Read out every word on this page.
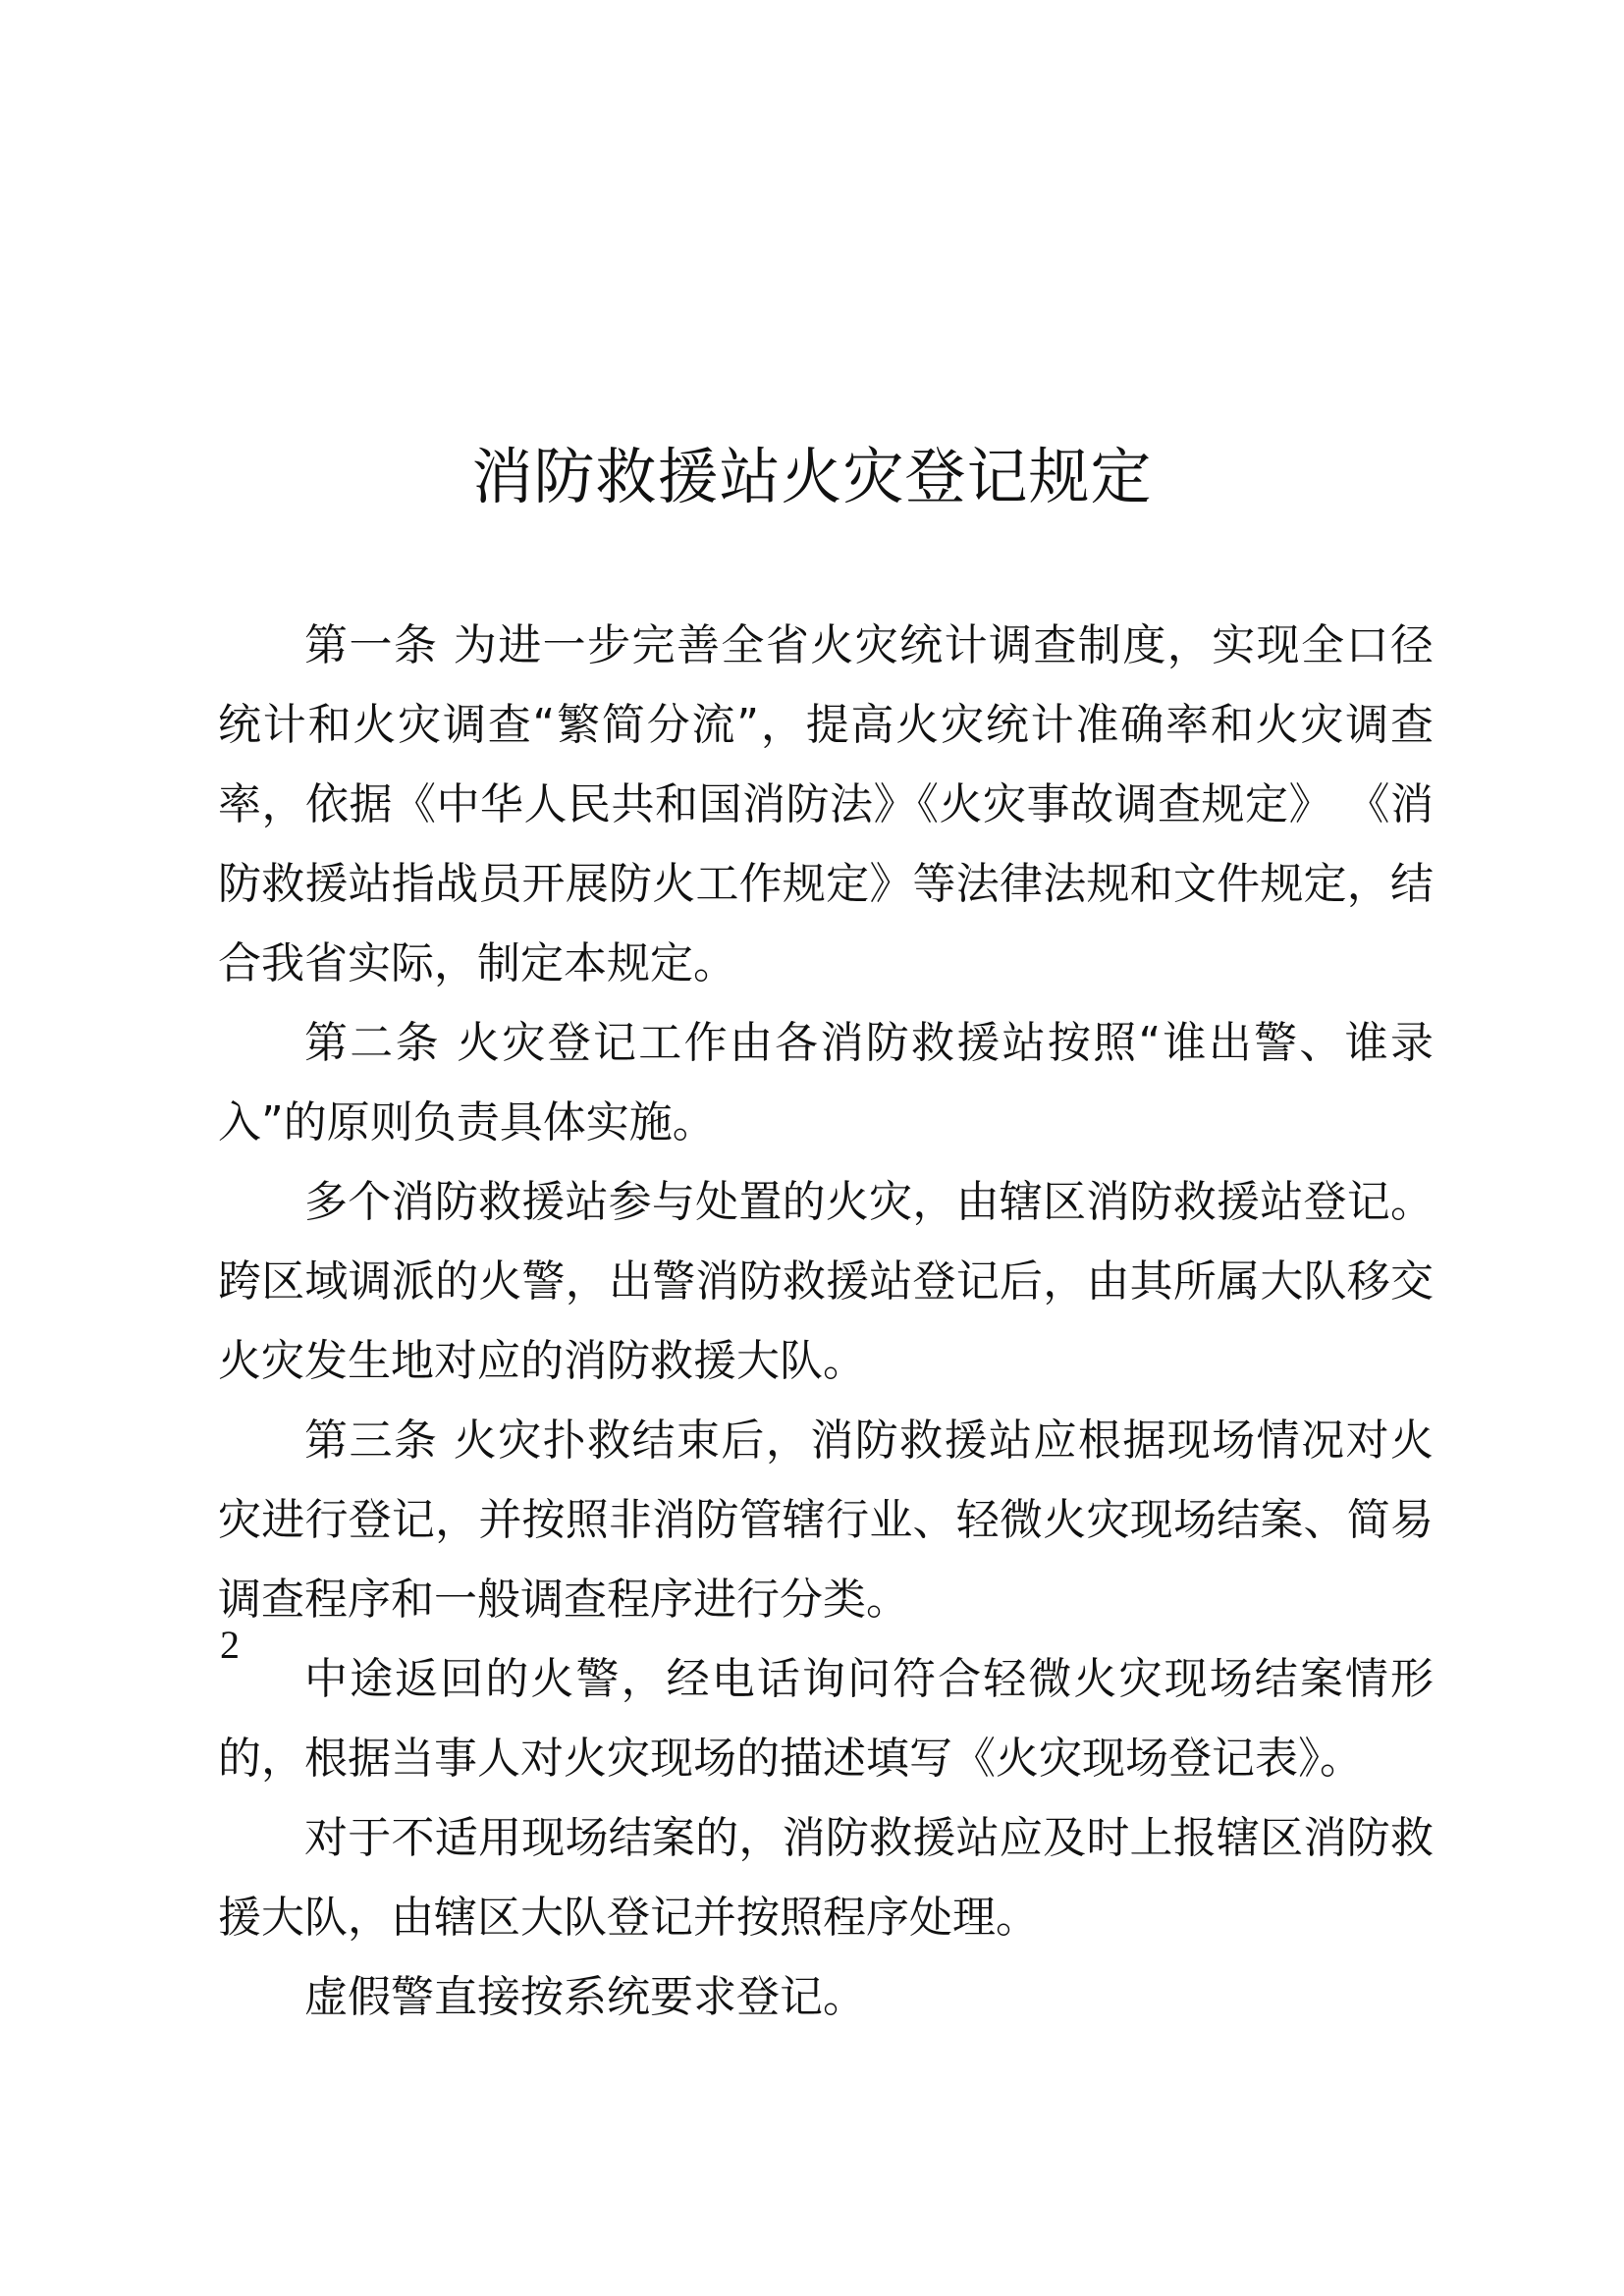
消防救援站火灾登记规定
第一条 为进一步完善全省火灾统计调查制度，实现全口径
统计和火灾调查“繁简分流”，提高火灾统计准确率和火灾调查
率，依据《中华人民共和国消防法》《火灾事故调查规定》 《消
防救援站指战员开展防火工作规定》等法律法规和文件规定，结
合我省实际，制定本规定。
第二条 火灾登记工作由各消防救援站按照“谁出警、谁录
入”的原则负责具体实施。
多个消防救援站参与处置的火灾，由辖区消防救援站登记。
跨区域调派的火警，出警消防救援站登记后，由其所属大队移交
火灾发生地对应的消防救援大队。
第三条 火灾扑救结束后，消防救援站应根据现场情况对火
灾进行登记，并按照非消防管辖行业、轻微火灾现场结案、简易
调查程序和一般调查程序进行分类。
中途返回的火警，经电话询问符合轻微火灾现场结案情形
的，根据当事人对火灾现场的描述填写《火灾现场登记表》。
对于不适用现场结案的，消防救援站应及时上报辖区消防救
援大队，由辖区大队登记并按照程序处理。
虚假警直接按系统要求登记。
2
